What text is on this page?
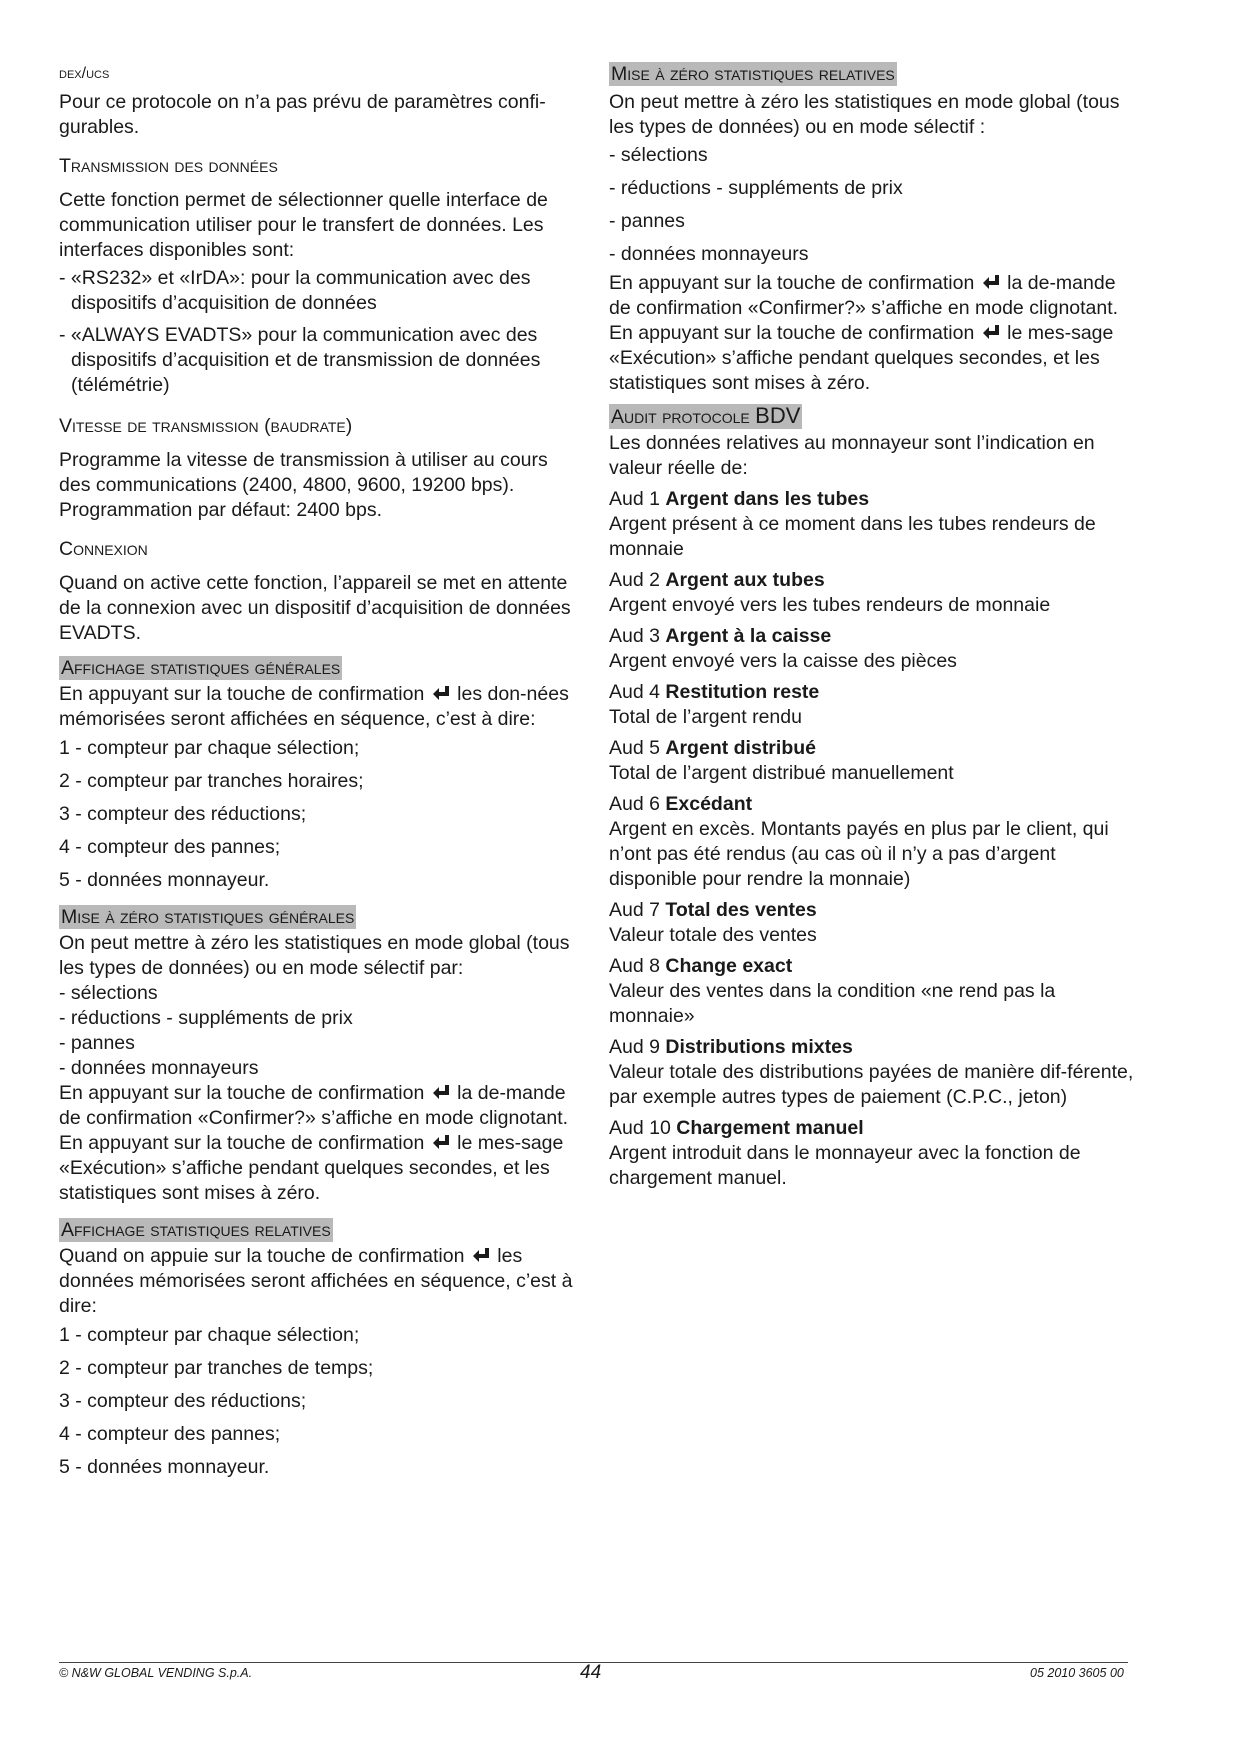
dex/ucs

Pour ce protocole on n’a pas prévu de paramètres confi-gurables.

Transmission des données

Cette fonction permet de sélectionner quelle interface de communication utiliser pour le transfert de données. Les interfaces disponibles sont:

- «RS232» et «IrDA»: pour la communication avec des dispositifs d’acquisition de données

- «ALWAYS EVADTS» pour la communication avec des dispositifs d’acquisition et de transmission de données (télémétrie)

Vitesse de transmission (baudrate)

Programme la vitesse de transmission à utiliser au cours des communications (2400, 4800, 9600, 19200 bps). Programmation par défaut: 2400 bps.

Connexion

Quand on active cette fonction, l’appareil se met en attente de la connexion avec un dispositif d’acquisition de données EVADTS.

Affichage statistiques générales

En appuyant sur la touche de confirmation les don-nées mémorisées seront affichées en séquence, c’est à dire:

1 - compteur par chaque sélection;

2 - compteur par tranches horaires;

3 - compteur des réductions;

4 - compteur des pannes;

5 - données monnayeur.

Mise à zéro statistiques générales

On peut mettre à zéro les statistiques en mode global (tous les types de données) ou en mode sélectif par:

- sélections

- réductions - suppléments de prix

- pannes

- données monnayeurs

En appuyant sur la touche de confirmation la de-mande de confirmation «Confirmer?» s’affiche en mode clignotant.

En appuyant sur la touche de confirmation le mes-sage «Exécution» s’affiche pendant quelques secondes, et les statistiques sont mises à zéro.

Affichage statistiques relatives

Quand on appuie sur la touche de confirmation les données mémorisées seront affichées en séquence, c’est à dire:

1 - compteur par chaque sélection;

2 - compteur par tranches de temps;

3 - compteur des réductions;

4 - compteur des pannes;

5 - données monnayeur.

Mise à zéro statistiques relatives

On peut mettre à zéro les statistiques en mode global (tous les types de données) ou en mode sélectif :

- sélections

- réductions - suppléments de prix

- pannes

- données monnayeurs

En appuyant sur la touche de confirmation la de-mande de confirmation «Confirmer?» s’affiche en mode clignotant.

En appuyant sur la touche de confirmation le mes-sage «Exécution» s’affiche pendant quelques secondes, et les statistiques sont mises à zéro.

Audit protocole BDV

Les données relatives au monnayeur sont l’indication en valeur réelle de:

Aud 1 Argent dans les tubes

Argent présent à ce moment dans les tubes rendeurs de monnaie

Aud 2 Argent aux tubes

Argent envoyé vers les tubes rendeurs de monnaie

Aud 3 Argent à la caisse

Argent envoyé vers la caisse des pièces

Aud 4 Restitution reste

Total de l’argent rendu

Aud 5 Argent distribué

Total de l’argent distribué manuellement

Aud 6 Excédant

Argent en excès. Montants payés en plus par le client, qui n’ont pas été rendus (au cas où il n’y a pas d’argent disponible pour rendre la monnaie)

Aud 7 Total des ventes

Valeur totale des ventes

Aud 8 Change exact

Valeur des ventes dans la condition «ne rend pas la monnaie»

Aud 9 Distributions mixtes

Valeur totale des distributions payées de manière dif-férente, par exemple autres types de paiement (C.P.C., jeton)

Aud 10 Chargement manuel

Argent introduit dans le monnayeur avec la fonction de chargement manuel.

© N&W GLOBAL VENDING S.p.A.	44	05 2010 3605 00
